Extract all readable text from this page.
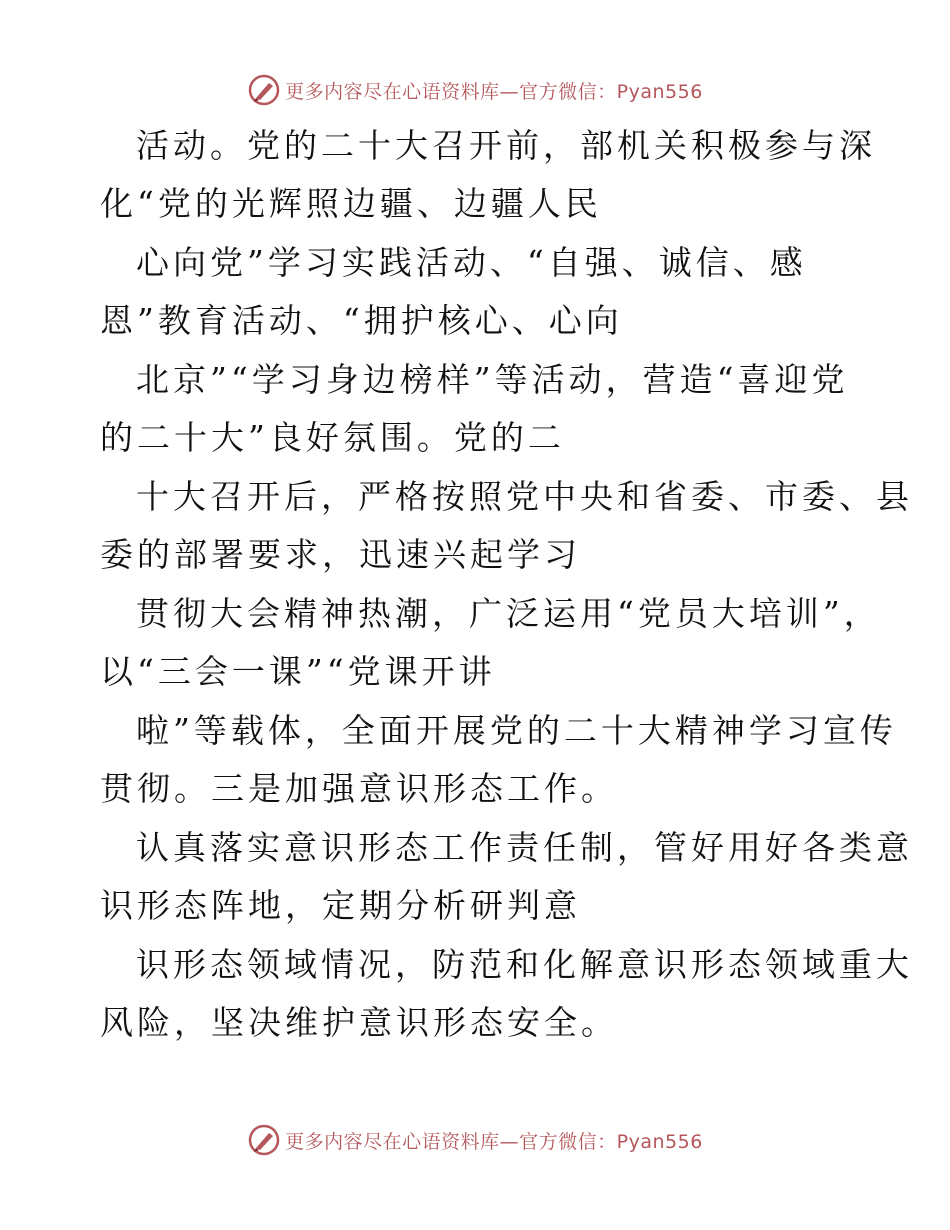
更多内容尽在心语资料库—官方微信：Pyan556
活动。党的二十大召开前，部机关积极参与深
化“党的光辉照边疆、边疆人民
心向党”学习实践活动、“自强、诚信、感
恩”教育活动、“拥护核心、心向
北京”“学习身边榜样”等活动，营造“喜迎党
的二十大”良好氛围。党的二
十大召开后，严格按照党中央和省委、市委、县
委的部署要求，迅速兴起学习
贯彻大会精神热潮，广泛运用“党员大培训”，
以“三会一课”“党课开讲
啦”等载体，全面开展党的二十大精神学习宣传
贯彻。三是加强意识形态工作。
认真落实意识形态工作责任制，管好用好各类意
识形态阵地，定期分析研判意
识形态领域情况，防范和化解意识形态领域重大
风险，坚决维护意识形态安全。
更多内容尽在心语资料库—官方微信：Pyan556
